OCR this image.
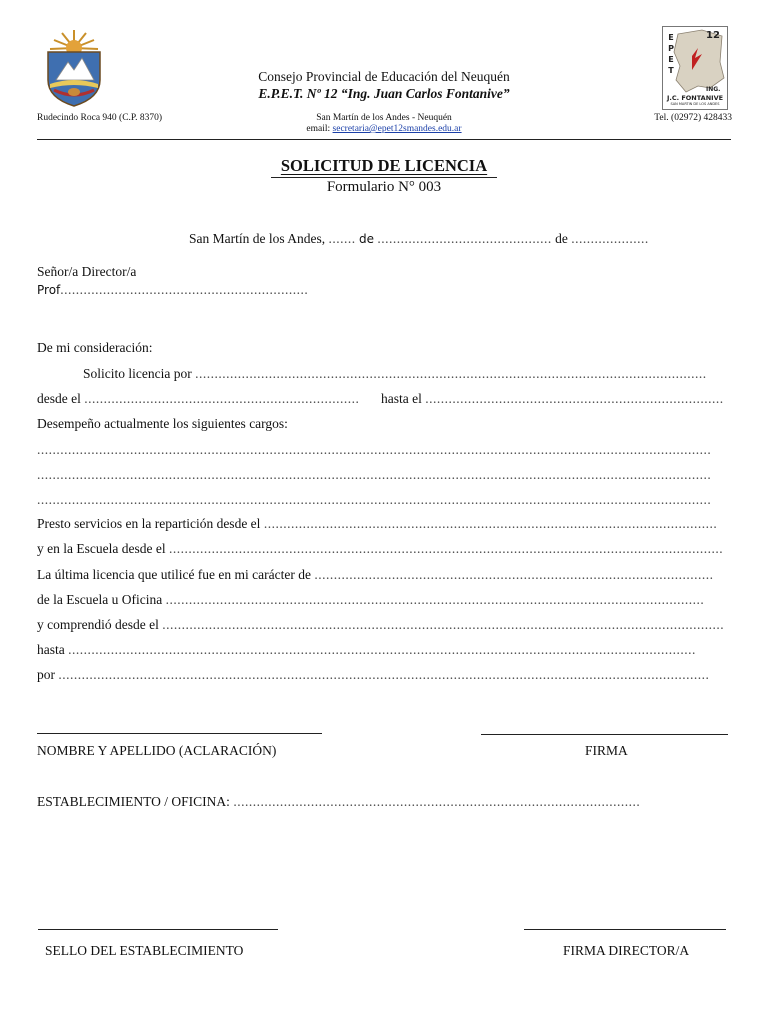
E
P
E
T
12
ING.
J.C. FONTANIVE
SAN MARTIN DE LOS ANDES
Consejo Provincial de Educación del Neuquén
E.P.E.T. Nº 12 “Ing. Juan Carlos Fontanive”
Rudecindo Roca 940 (C.P. 8370)	San Martín de los Andes - Neuquén
email: secretaria@epet12smandes.edu.ar
Tel. (02972) 428433
SOLICITUD DE LICENCIA
Formulario N° 003
San Martín de los Andes, ....... de ............................................. de ....................
Señor/a Director/a
Prof................................................................
De mi consideración:
Solicito licencia por ....................................................................................................................................
desde el .......................................................................	hasta el .............................................................................
Desempeño actualmente los siguientes cargos:
..............................................................................................................................................................................
..............................................................................................................................................................................
..............................................................................................................................................................................
Presto servicios en la repartición desde el .....................................................................................................................
y en la Escuela desde el ...............................................................................................................................................
La última licencia que utilicé fue en mi carácter de .......................................................................................................
de la Escuela u Oficina ...........................................................................................................................................
y comprendió desde el .................................................................................................................................................
hasta ..................................................................................................................................................................
por ........................................................................................................................................................................
NOMBRE Y APELLIDO (ACLARACIÓN)	FIRMA
ESTABLECIMIENTO / OFICINA: .........................................................................................................
SELLO DEL ESTABLECIMIENTO	FIRMA DIRECTOR/A
